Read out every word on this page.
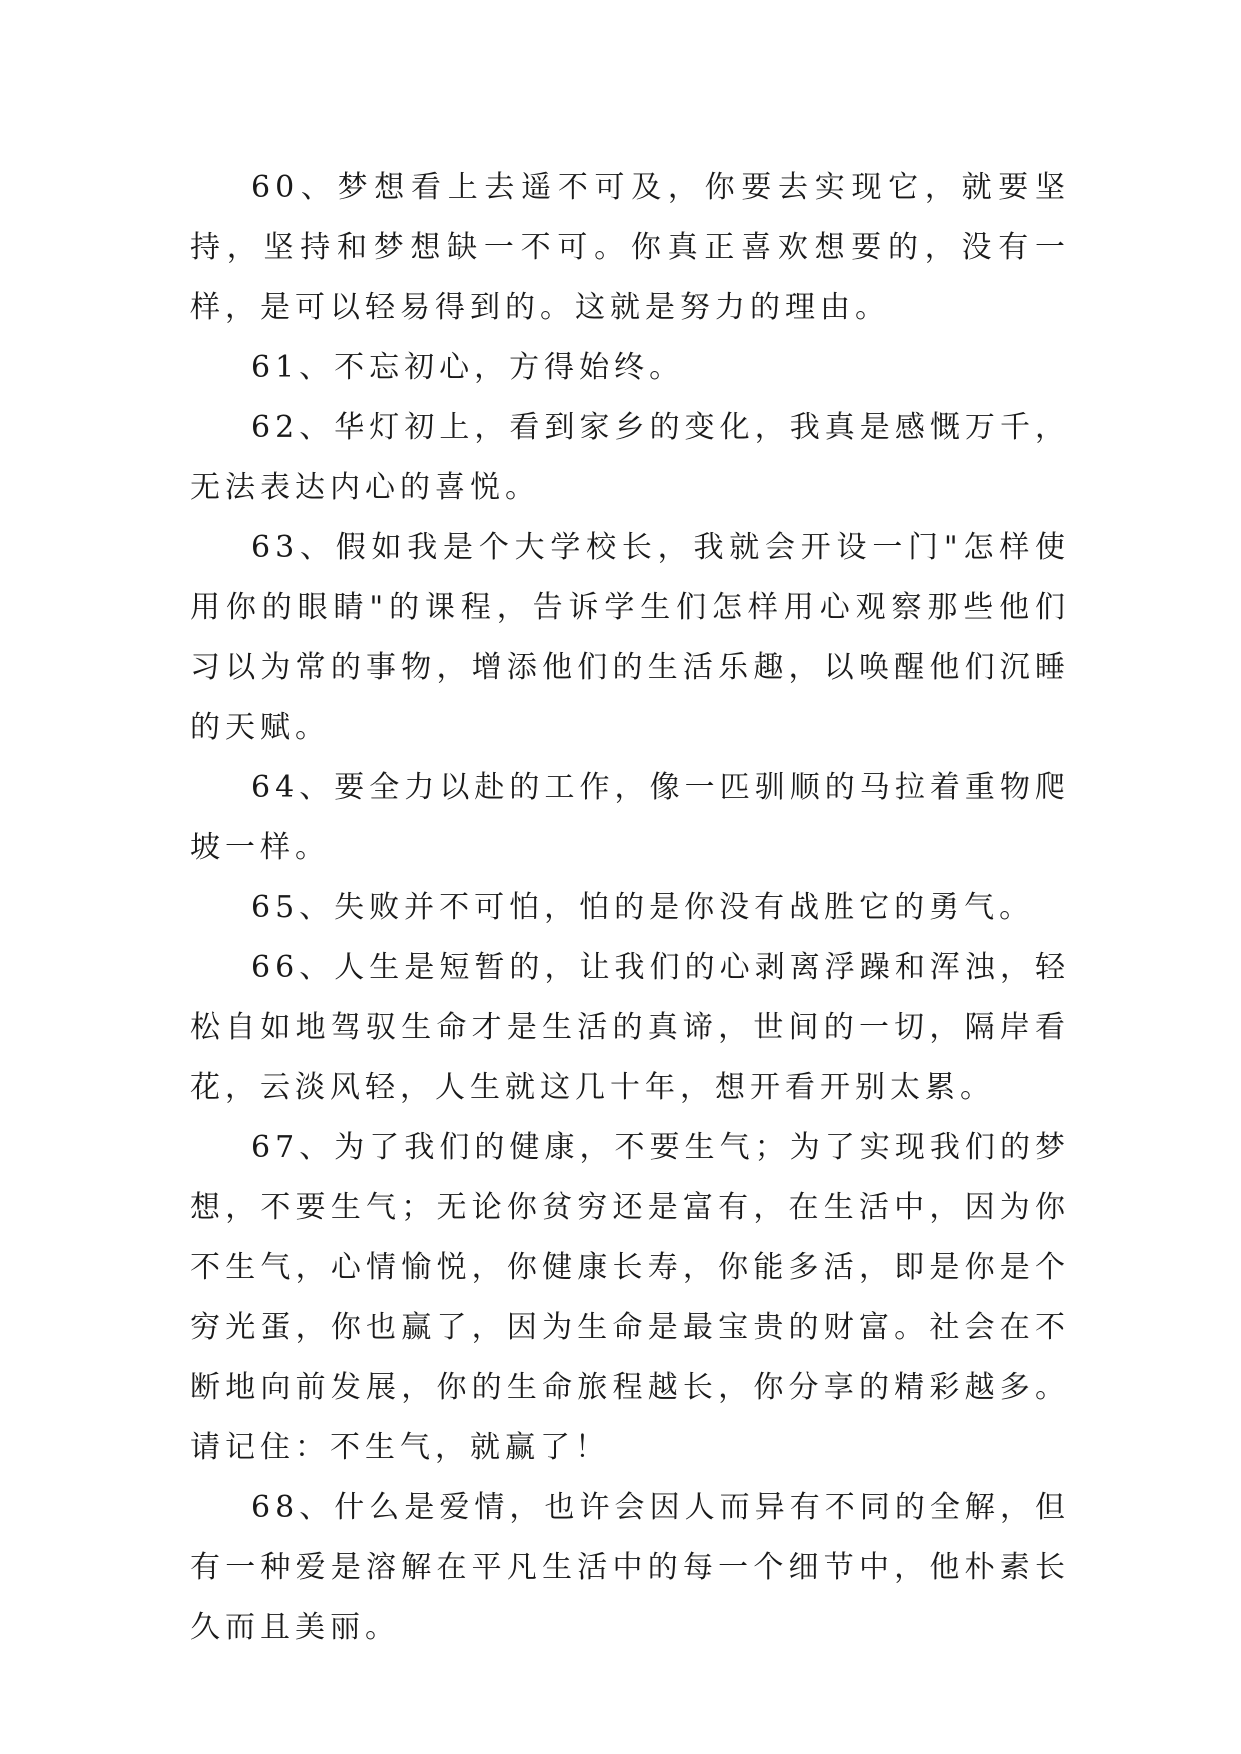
60、梦想看上去遥不可及，你要去实现它，就要坚持，坚持和梦想缺一不可。你真正喜欢想要的，没有一样，是可以轻易得到的。这就是努力的理由。

61、不忘初心，方得始终。

62、华灯初上，看到家乡的变化，我真是感慨万千，无法表达内心的喜悦。

63、假如我是个大学校长，我就会开设一门"怎样使用你的眼睛"的课程，告诉学生们怎样用心观察那些他们习以为常的事物，增添他们的生活乐趣，以唤醒他们沉睡的天赋。

64、要全力以赴的工作，像一匹驯顺的马拉着重物爬坡一样。

65、失败并不可怕，怕的是你没有战胜它的勇气。

66、人生是短暂的，让我们的心剥离浮躁和浑浊，轻松自如地驾驭生命才是生活的真谛，世间的一切，隔岸看花，云淡风轻，人生就这几十年，想开看开别太累。

67、为了我们的健康，不要生气；为了实现我们的梦想，不要生气；无论你贫穷还是富有，在生活中，因为你不生气，心情愉悦，你健康长寿，你能多活，即是你是个穷光蛋，你也赢了，因为生命是最宝贵的财富。社会在不断地向前发展，你的生命旅程越长，你分享的精彩越多。请记住：不生气，就赢了！

68、什么是爱情，也许会因人而异有不同的全解，但有一种爱是溶解在平凡生活中的每一个细节中，他朴素长久而且美丽。
